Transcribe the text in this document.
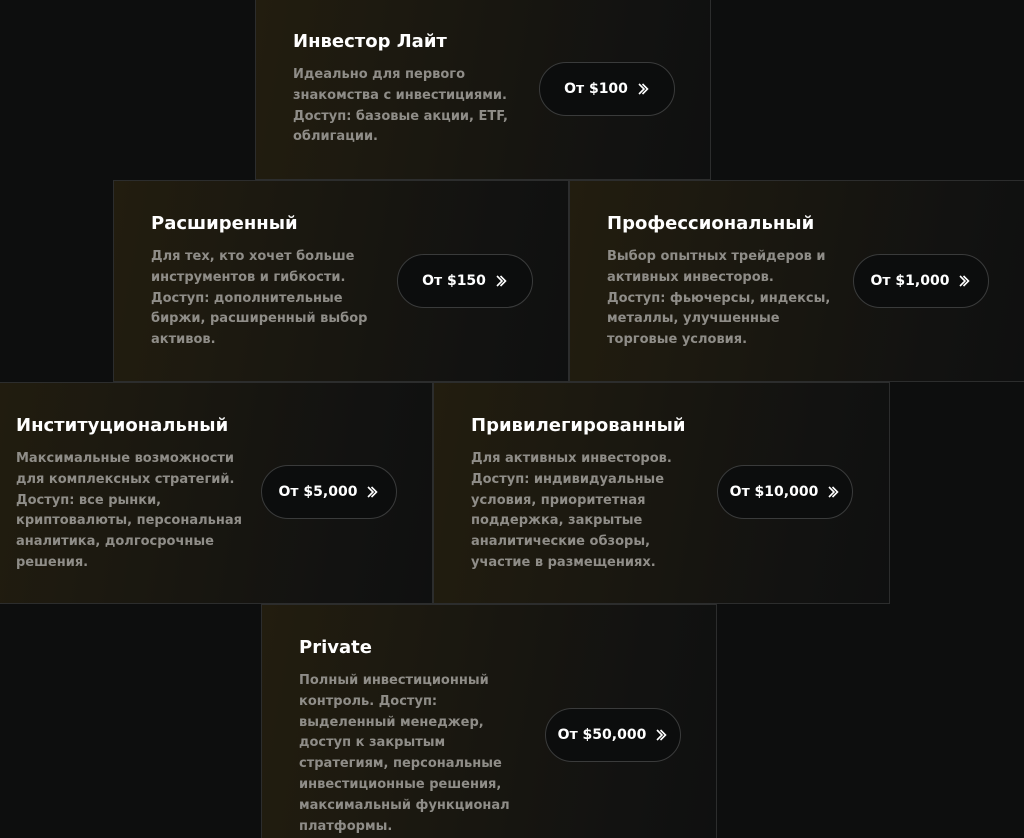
Инвестор Лайт

Идеально для первого знакомства с инвестициями. Доступ: базовые акции, ETF, облигации.

От $100
Расширенный

Для тех, кто хочет больше инструментов и гибкости. Доступ: дополнительные биржи, расширенный выбор активов.

От $150
Профессиональный

Выбор опытных трейдеров и активных инвесторов. Доступ: фьючерсы, индексы, металлы, улучшенные торговые условия.

От $1,000
Институциональный

Максимальные возможности для комплексных стратегий. Доступ: все рынки, криптовалюты, персональная аналитика, долгосрочные решения.

От $5,000
Привилегированный

Для активных инвесторов. Доступ: индивидуальные условия, приоритетная поддержка, закрытые аналитические обзоры, участие в размещениях.

От $10,000
Private

Полный инвестиционный контроль. Доступ: выделенный менеджер, доступ к закрытым стратегиям, персональные инвестиционные решения, максимальный функционал платформы.

От $50,000
